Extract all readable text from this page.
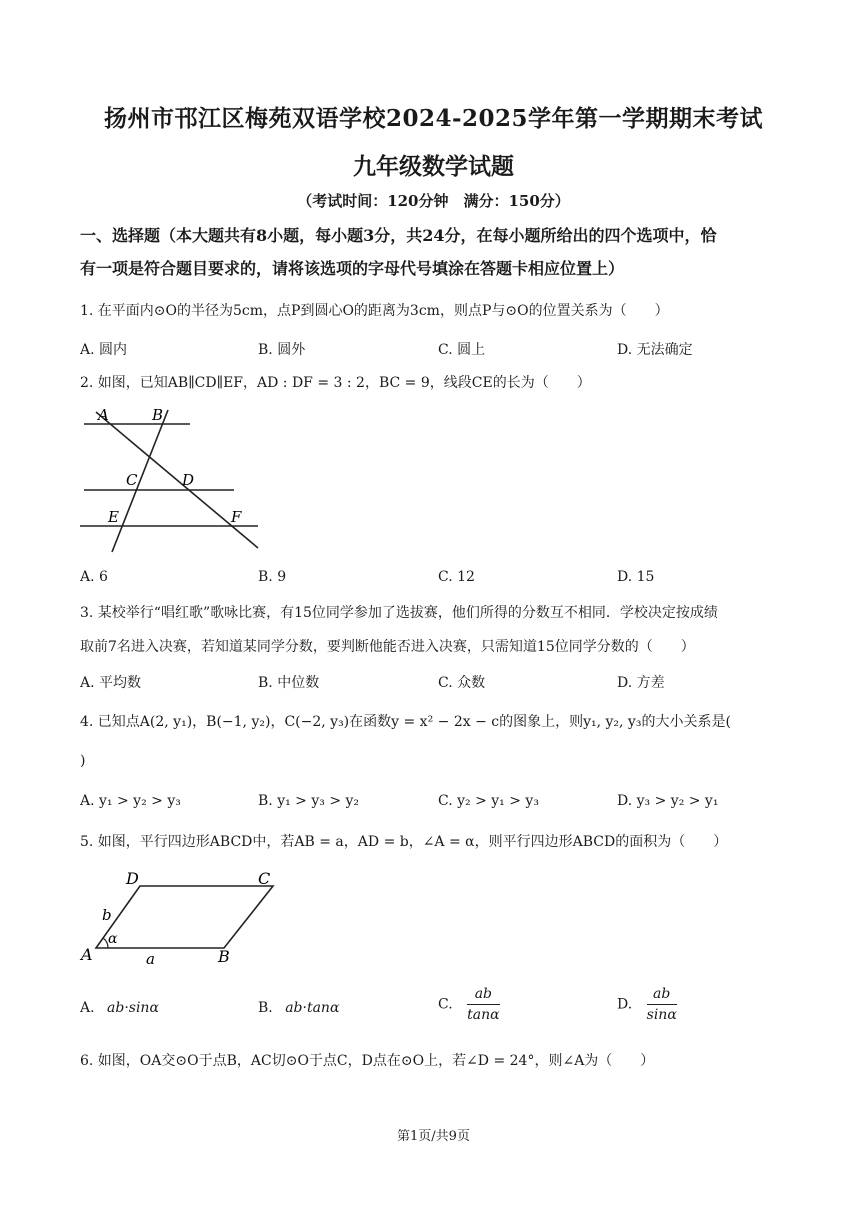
扬州市邗江区梅苑双语学校2024-2025学年第一学期期末考试
九年级数学试题
（考试时间：120分钟　满分：150分）
一、选择题（本大题共有8小题，每小题3分，共24分，在每小题所给出的四个选项中，恰
有一项是符合题目要求的，请将该选项的字母代号填涂在答题卡相应位置上）
1. 在平面内⊙O的半径为5cm，点P到圆心O的距离为3cm，则点P与⊙O的位置关系为（　　）
A. 圆内	B. 圆外	C. 圆上	D. 无法确定
2. 如图，已知AB∥CD∥EF，AD : DF = 3 : 2，BC = 9，线段CE的长为（　　）
A	B
C	D
E	F
A. 6	B. 9	C. 12	D. 15
3. 某校举行“唱红歌”歌咏比赛，有15位同学参加了选拔赛，他们所得的分数互不相同．学校决定按成绩
取前7名进入决赛，若知道某同学分数，要判断他能否进入决赛，只需知道15位同学分数的（　　）
A. 平均数	B. 中位数	C. 众数	D. 方差
4. 已知点A(2, y₁)，B(−1, y₂)，C(−2, y₃)在函数y = x² − 2x − c的图象上，则y₁, y₂, y₃的大小关系是(
)
A. y₁ > y₂ > y₃	B. y₁ > y₃ > y₂	C. y₂ > y₁ > y₃	D. y₃ > y₂ > y₁
5. 如图，平行四边形ABCD中，若AB = a，AD = b，∠A = α，则平行四边形ABCD的面积为（　　）
D	C
b
α
A	a	B
A. ab·sinα	B. ab·tanα	C. $\frac{ab}{\tan\alpha}$	D. $\frac{ab}{\sin\alpha}$
6. 如图，OA交⊙O于点B，AC切⊙O于点C，D点在⊙O上，若∠D = 24°，则∠A为（　　）
第1页/共9页
